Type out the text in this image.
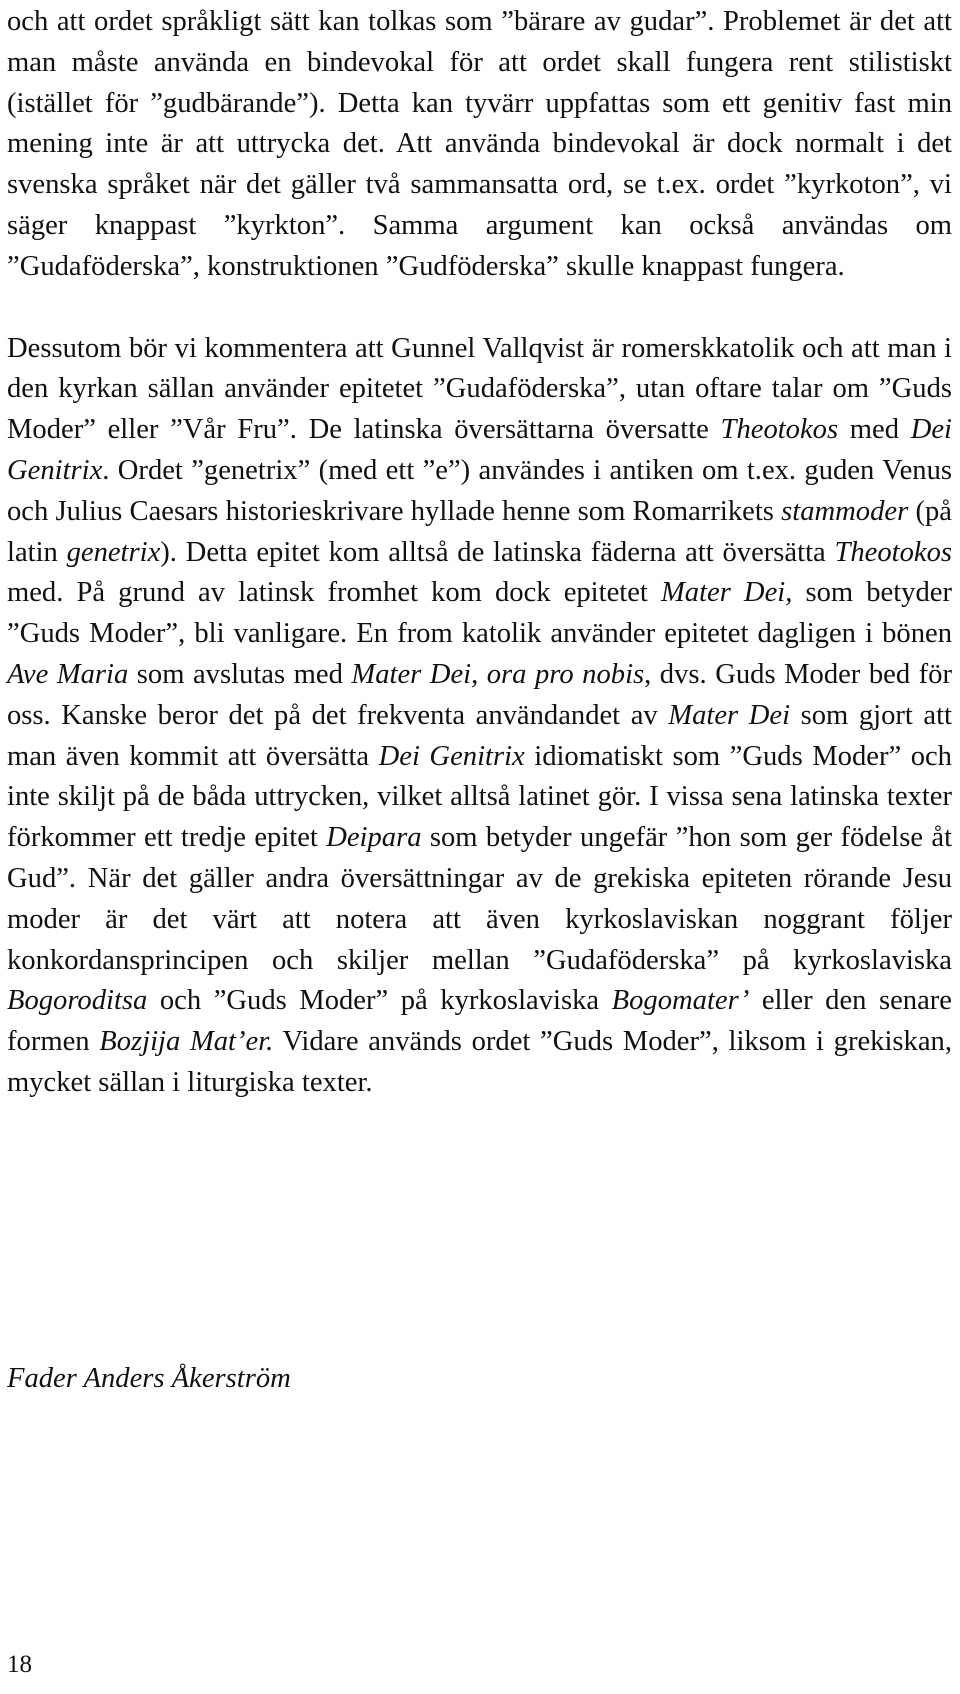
och att ordet språkligt sätt kan tolkas som ”bärare av gudar”. Problemet är det att man måste använda en bindevokal för att ordet skall fungera rent stilistiskt (istället för ”gudbärande”). Detta kan tyvärr uppfattas som ett genitiv fast min mening inte är att uttrycka det. Att använda bindevokal är dock normalt i det svenska språket när det gäller två sammansatta ord, se t.ex. ordet ”kyrkoton”, vi säger knappast ”kyrkton”. Samma argument kan också användas om ”Gudaföderska”, konstruktionen ”Gudföderska” skulle knappast fungera.

Dessutom bör vi kommentera att Gunnel Vallqvist är romerskkatolik och att man i den kyrkan sällan använder epitetet ”Gudaföderska”, utan oftare talar om ”Guds Moder” eller ”Vår Fru”. De latinska översättarna översatte Theotokos med Dei Genitrix. Ordet ”genetrix” (med ett ”e”) användes i antiken om t.ex. guden Venus och Julius Caesars historieskrivare hyllade henne som Romarrikets stammoder (på latin genetrix). Detta epitet kom alltså de latinska fäderna att översätta Theotokos med. På grund av latinsk fromhet kom dock epitetet Mater Dei, som betyder ”Guds Moder”, bli vanligare. En from katolik använder epitetet dagligen i bönen Ave Maria som avslutas med Mater Dei, ora pro nobis, dvs. Guds Moder bed för oss. Kanske beror det på det frekventa användandet av Mater Dei som gjort att man även kommit att översätta Dei Genitrix idiomatiskt som ”Guds Moder” och inte skiljt på de båda uttrycken, vilket alltså latinet gör. I vissa sena latinska texter förkommer ett tredje epitet Deipara som betyder ungefär ”hon som ger födelse åt Gud”. När det gäller andra översättningar av de grekiska epiteten rörande Jesu moder är det värt att notera att även kyrkoslaviskan noggrant följer konkordansprincipen och skiljer mellan ”Gudaföderska” på kyrkoslaviska Bogoroditsa och ”Guds Moder” på kyrkoslaviska Bogomater’ eller den senare formen Bozjija Mat’er. Vidare används ordet ”Guds Moder”, liksom i grekiskan, mycket sällan i liturgiska texter.

Fader Anders Åkerström

18
